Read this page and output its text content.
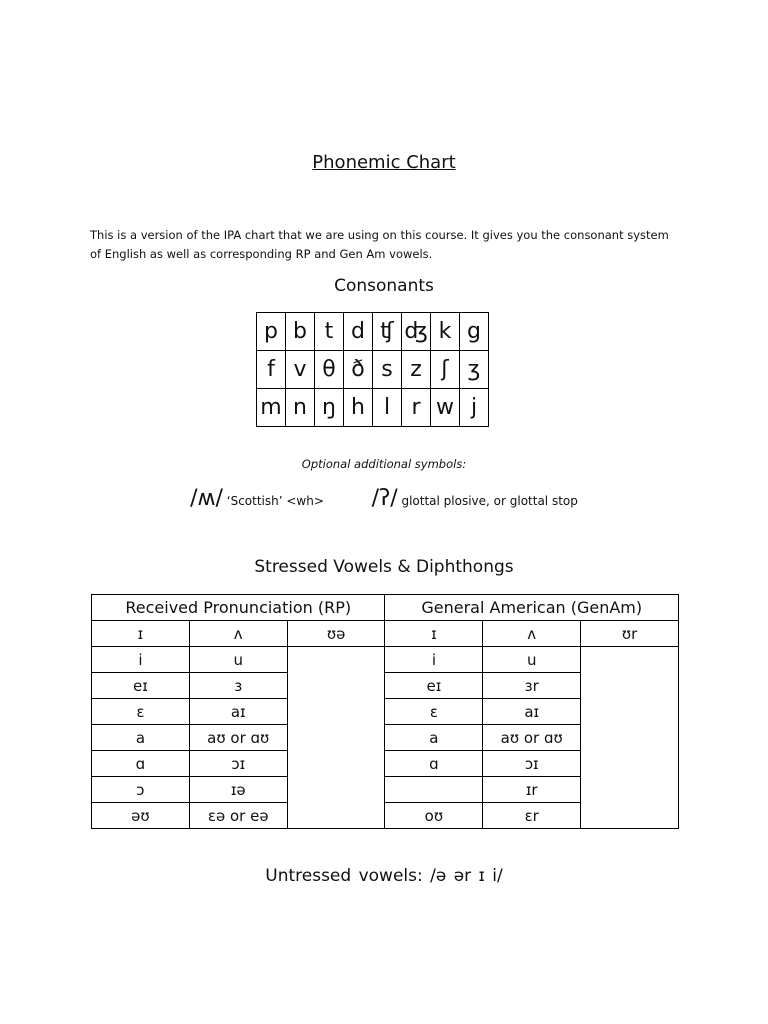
Phonemic Chart
This is a version of the IPA chart that we are using on this course. It gives you the consonant system of English as well as corresponding RP and Gen Am vowels.
Consonants
p	b	t	d	ʧ	ʤ	k	g
f	v	θ	ð	s	z	ʃ	ʒ
m	n	ŋ	h	l	r	w	j
Optional additional symbols:
/ʍ/ ‘Scottish’ <wh> /ʔ/ glottal plosive, or glottal stop
Stressed Vowels & Diphthongs
Received Pronunciation (RP)			General American (GenAm)		
ɪ	ʌ	ʊə	ɪ	ʌ	ʊr
i	u		i	u	
eɪ	ɜ		eɪ	ɜr	
ɛ	aɪ		ɛ	aɪ	
a	aʊ or ɑʊ		a	aʊ or ɑʊ	
ɑ	ɔɪ		ɑ	ɔɪ	
ɔ	ɪə			ɪr	
əʊ	ɛə or eə		oʊ	ɛr	
Untressed vowels: /ə ər ɪ i/
